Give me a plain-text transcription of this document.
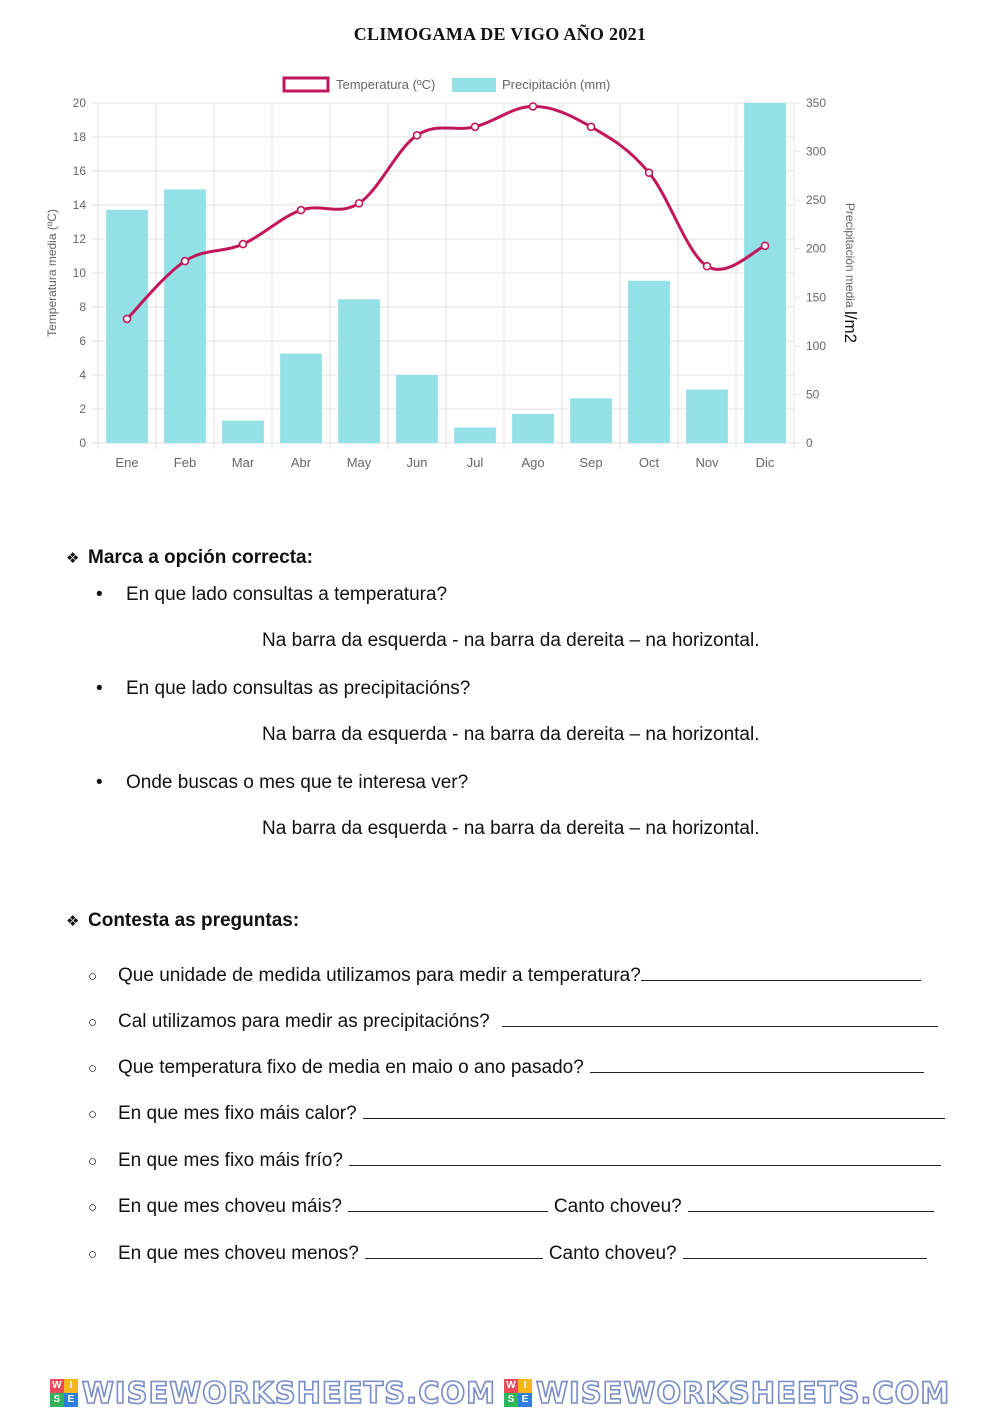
CLIMOGAMA DE VIGO AÑO 2021
0
2
4
6
8
10
12
14
16
18
20
0
50
100
150
200
250
300
350
Ene	Feb	Mar	Abr	May	Jun	Jul	Ago	Sep	Oct	Nov	Dic
Temperatura media (ºC)	Precipitación media l/m2
Temperatura (ºC)	Precipitación (mm)
❖ Marca a opción correcta:
• En que lado consultas a temperatura?
Na barra da esquerda - na barra da dereita – na horizontal.
• En que lado consultas as precipitacións?
Na barra da esquerda - na barra da dereita – na horizontal.
• Onde buscas o mes que te interesa ver?
Na barra da esquerda - na barra da dereita – na horizontal.
❖ Contesta as preguntas:
○ Que unidade de medida utilizamos para medir a temperatura?
○ Cal utilizamos para medir as precipitacións?
○ Que temperatura fixo de media en maio o ano pasado?
○ En que mes fixo máis calor?
○ En que mes fixo máis frío?
○ En que mes choveu máis?	Canto choveu?
○ En que mes choveu menos?	Canto choveu?
W I
S E WISEWORKSHEETS.COM W I
S E WISEWORKSHEETS.COM
